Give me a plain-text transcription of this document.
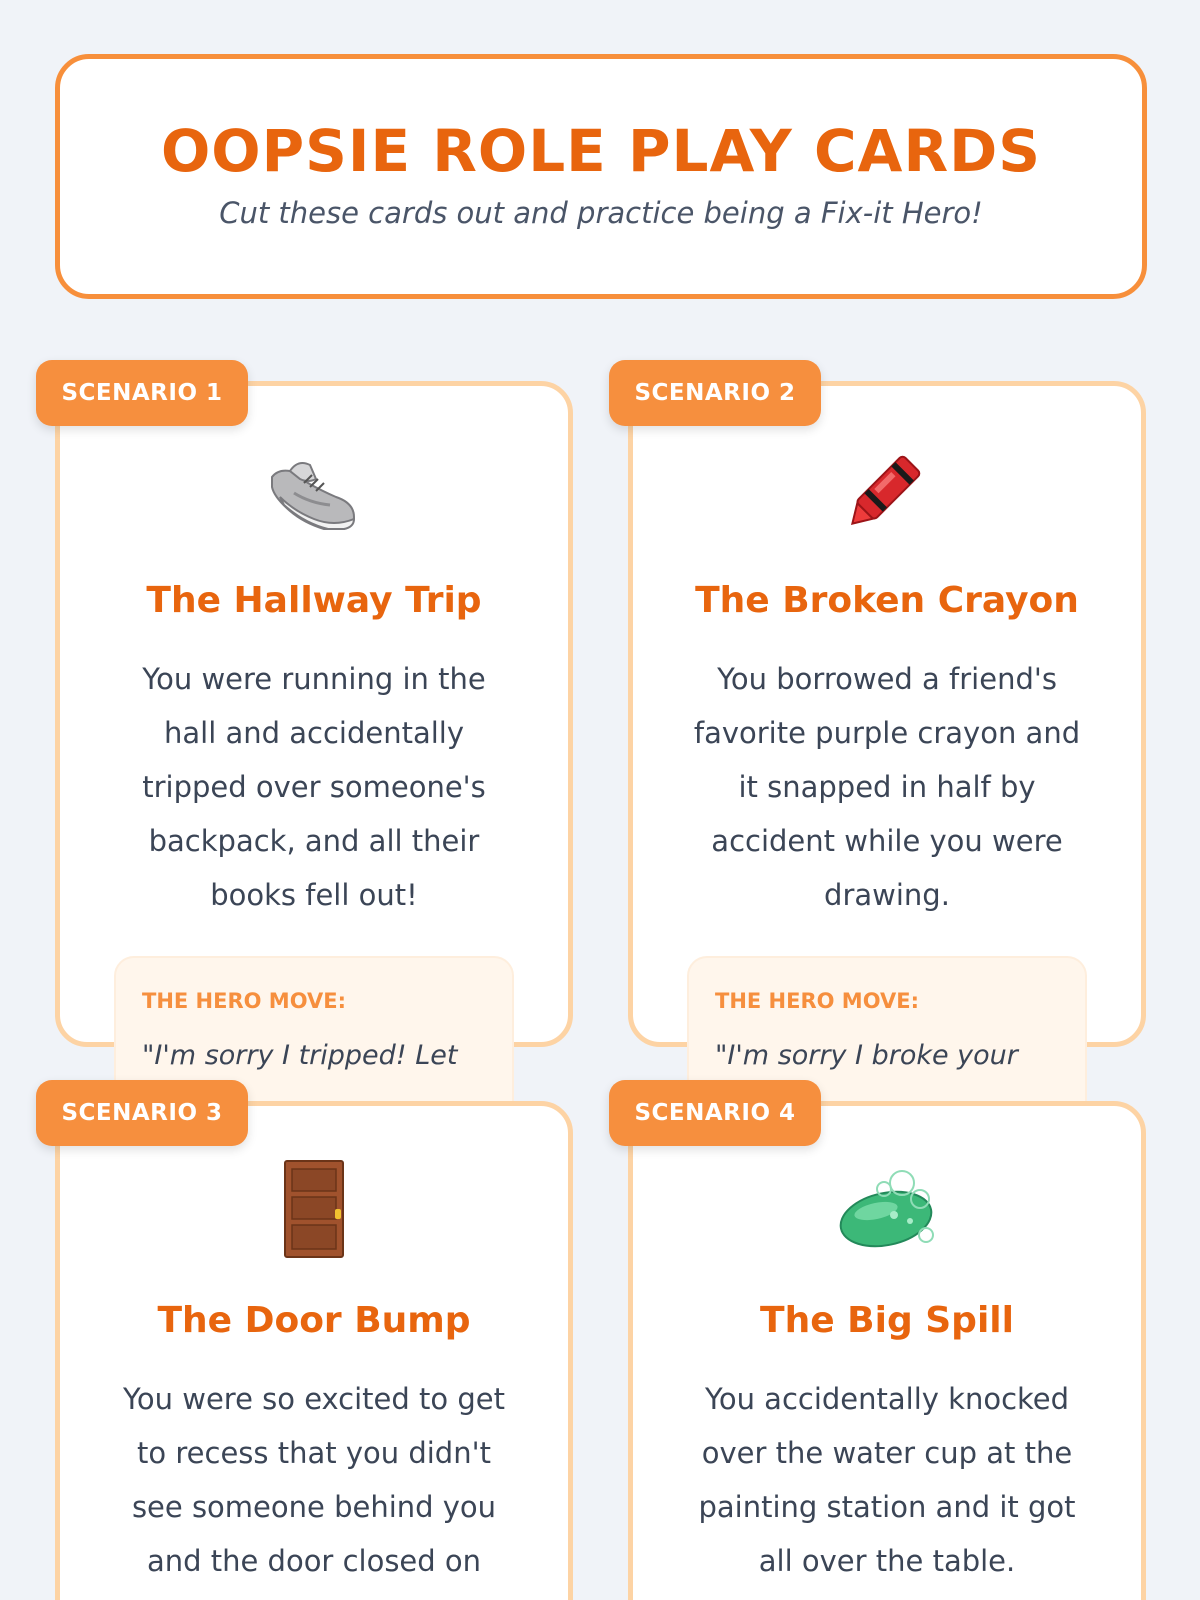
OOPSIE ROLE PLAY CARDS
Cut these cards out and practice being a Fix-it Hero!
SCENARIO 1
The Hallway Trip
You were running in the
hall and accidentally
tripped over someone's
backpack, and all their
books fell out!
THE HERO MOVE:
"I'm sorry I tripped! Let
SCENARIO 2
The Broken Crayon
You borrowed a friend's
favorite purple crayon and
it snapped in half by
accident while you were
drawing.
THE HERO MOVE:
"I'm sorry I broke your
SCENARIO 3
The Door Bump
You were so excited to get
to recess that you didn't
see someone behind you
and the door closed on
SCENARIO 4
The Big Spill
You accidentally knocked
over the water cup at the
painting station and it got
all over the table.
